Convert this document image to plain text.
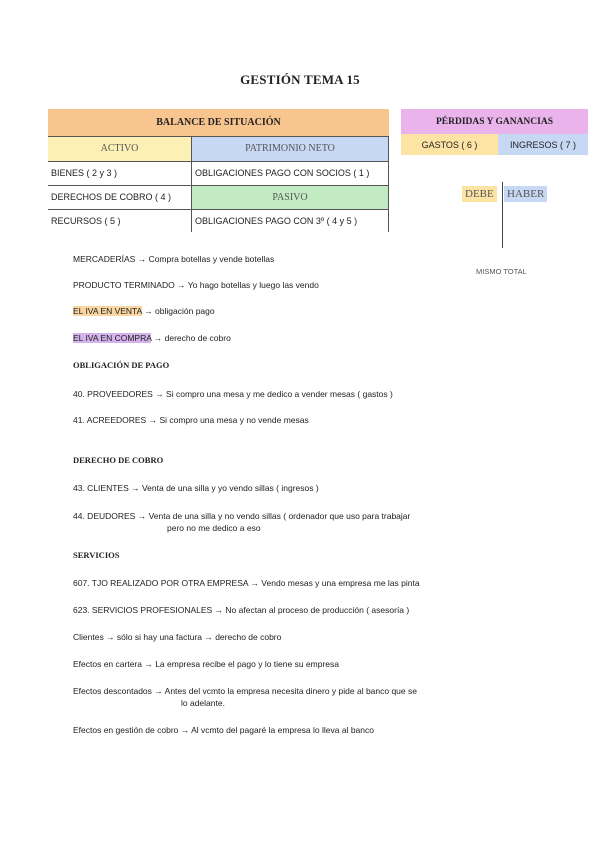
GESTIÓN TEMA 15
BALANCE DE SITUACIÓN
ACTIVO	PATRIMONIO NETO
BIENES ( 2 y 3 )	OBLIGACIONES PAGO CON SOCIOS ( 1 )
DERECHOS DE COBRO ( 4 )	PASIVO
RECURSOS ( 5 )	OBLIGACIONES PAGO CON 3º ( 4 y 5 )
PÉRDIDAS Y GANANCIAS
GASTOS ( 6 )	INGRESOS ( 7 )
DEBE HABER
MISMO TOTAL
MERCADERÍAS → Compra botellas y vende botellas
PRODUCTO TERMINADO → Yo hago botellas y luego las vendo
EL IVA EN VENTA → obligación pago
EL IVA EN COMPRA → derecho de cobro
OBLIGACIÓN DE PAGO
40. PROVEEDORES → Si compro una mesa y me dedico a vender mesas ( gastos )
41. ACREEDORES → Si compro una mesa y no vende mesas
DERECHO DE COBRO
43. CLIENTES → Venta de una silla y yo vendo sillas ( ingresos )
44. DEUDORES → Venta de una silla y no vendo sillas ( ordenador que uso para trabajar
pero no me dedico a eso
SERVICIOS
607. TJO REALIZADO POR OTRA EMPRESA → Vendo mesas y una empresa me las pinta
623. SERVICIOS PROFESIONALES → No afectan al proceso de producción ( asesoría )
Clientes → sólo si hay una factura → derecho de cobro
Efectos en cartera → La empresa recibe el pago y lo tiene su empresa
Efectos descontados → Antes del vcmto la empresa necesita dinero y pide al banco que se
lo adelante.
Efectos en gestión de cobro → Al vcmto del pagaré la empresa lo lleva al banco
